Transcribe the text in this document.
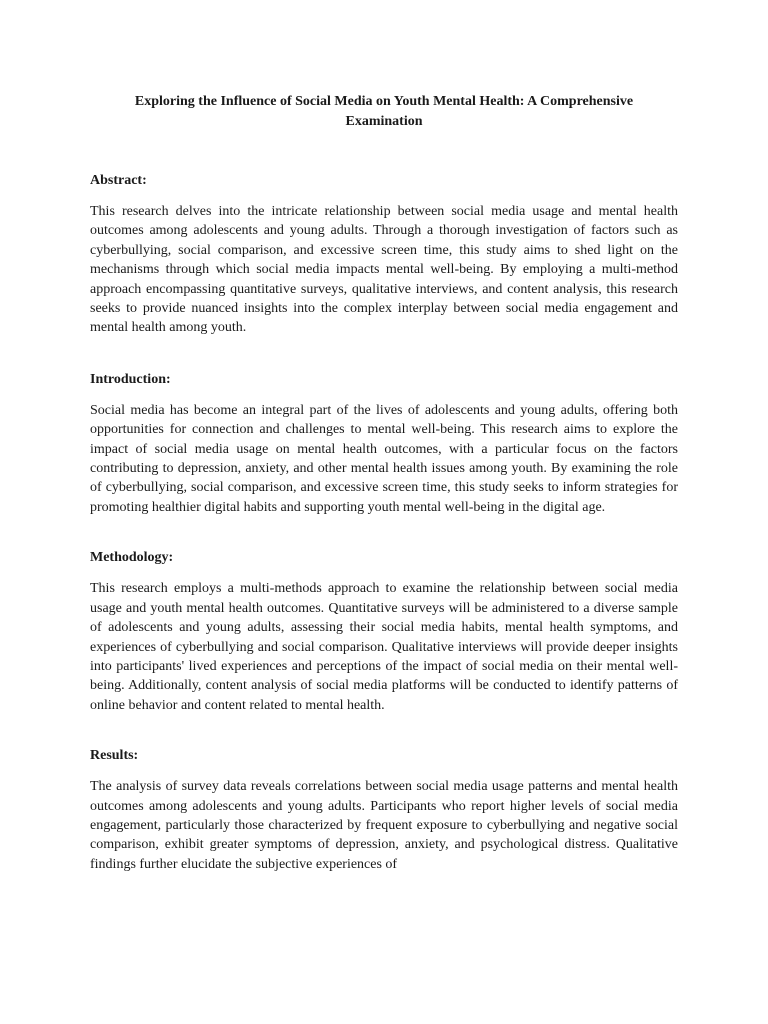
Exploring the Influence of Social Media on Youth Mental Health: A Comprehensive Examination
Abstract:

This research delves into the intricate relationship between social media usage and mental health outcomes among adolescents and young adults. Through a thorough investigation of factors such as cyberbullying, social comparison, and excessive screen time, this study aims to shed light on the mechanisms through which social media impacts mental well-being. By employing a multi-method approach encompassing quantitative surveys, qualitative interviews, and content analysis, this research seeks to provide nuanced insights into the complex interplay between social media engagement and mental health among youth.

Introduction:

Social media has become an integral part of the lives of adolescents and young adults, offering both opportunities for connection and challenges to mental well-being. This research aims to explore the impact of social media usage on mental health outcomes, with a particular focus on the factors contributing to depression, anxiety, and other mental health issues among youth. By examining the role of cyberbullying, social comparison, and excessive screen time, this study seeks to inform strategies for promoting healthier digital habits and supporting youth mental well-being in the digital age.

Methodology:

This research employs a multi-methods approach to examine the relationship between social media usage and youth mental health outcomes. Quantitative surveys will be administered to a diverse sample of adolescents and young adults, assessing their social media habits, mental health symptoms, and experiences of cyberbullying and social comparison. Qualitative interviews will provide deeper insights into participants' lived experiences and perceptions of the impact of social media on their mental well-being. Additionally, content analysis of social media platforms will be conducted to identify patterns of online behavior and content related to mental health.

Results:

The analysis of survey data reveals correlations between social media usage patterns and mental health outcomes among adolescents and young adults. Participants who report higher levels of social media engagement, particularly those characterized by frequent exposure to cyberbullying and negative social comparison, exhibit greater symptoms of depression, anxiety, and psychological distress. Qualitative findings further elucidate the subjective experiences of
